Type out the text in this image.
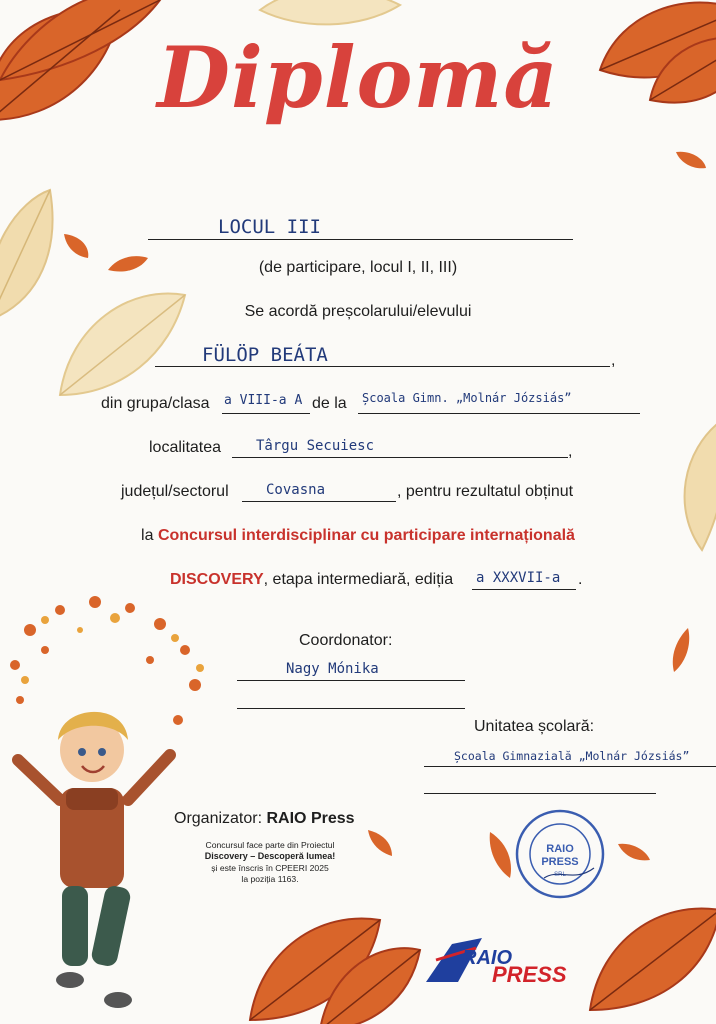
Diplomă
LOCUL III
(de participare, locul I, II, III)
Se acordă preșcolarului/elevului
FÜLÖP BEÁTA	,
din grupa/clasa a VIII-a A de la Școala Gimn. „Molnár Józsiás”
localitatea Târgu Secuiesc	,
județul/sectorul	Covasna	, pentru rezultatul obținut
la Concursul interdisciplinar cu participare internațională
DISCOVERY, etapa intermediară, ediția a XXXVII-a .
Coordonator:
Nagy Mónika
Unitatea școlară:
Școala Gimnazială „Molnár Józsiás”
Organizator: RAIO Press
Concursul face parte din Proiectul
Discovery – Descoperă lumea!
și este înscris în CPEERI 2025
la poziția 1163.
RAIO
PRESS
SRL
RAIO
PRESS
